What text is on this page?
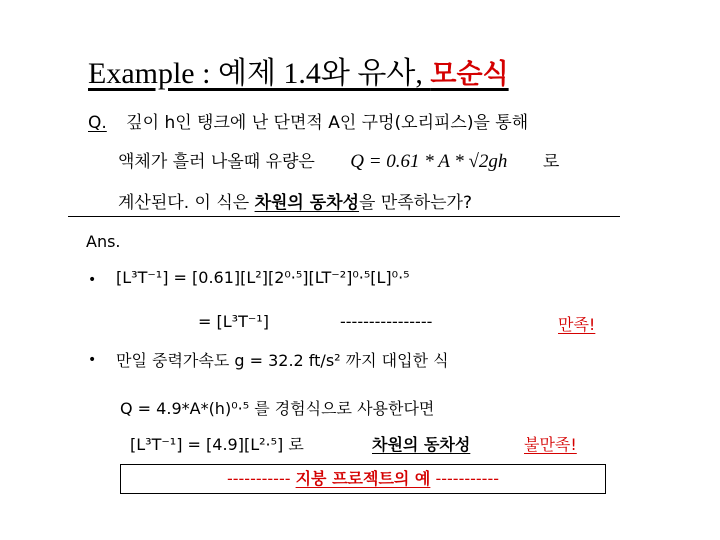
Example : 예제 1.4와 유사, 모순식
Q. 깊이 h인 탱크에 난 단면적 A인 구멍(오리피스)을 통해
액체가 흘러 나올때 유량은 Q = 0.61 * A * √2gh 로
계산된다. 이 식은 차원의 동차성을 만족하는가?
Ans.
• [L³T⁻¹] = [0.61][L²][2⁰·⁵][LT⁻²]⁰·⁵[L]⁰·⁵
= [L³T⁻¹]	----------------	만족!
• 만일 중력가속도 g = 32.2 ft/s² 까지 대입한 식
Q = 4.9*A*(h)⁰·⁵ 를 경험식으로 사용한다면
[L³T⁻¹] = [4.9][L²·⁵] 로	차원의 동차성	불만족!
----------- 지붕 프로젝트의 예 -----------
